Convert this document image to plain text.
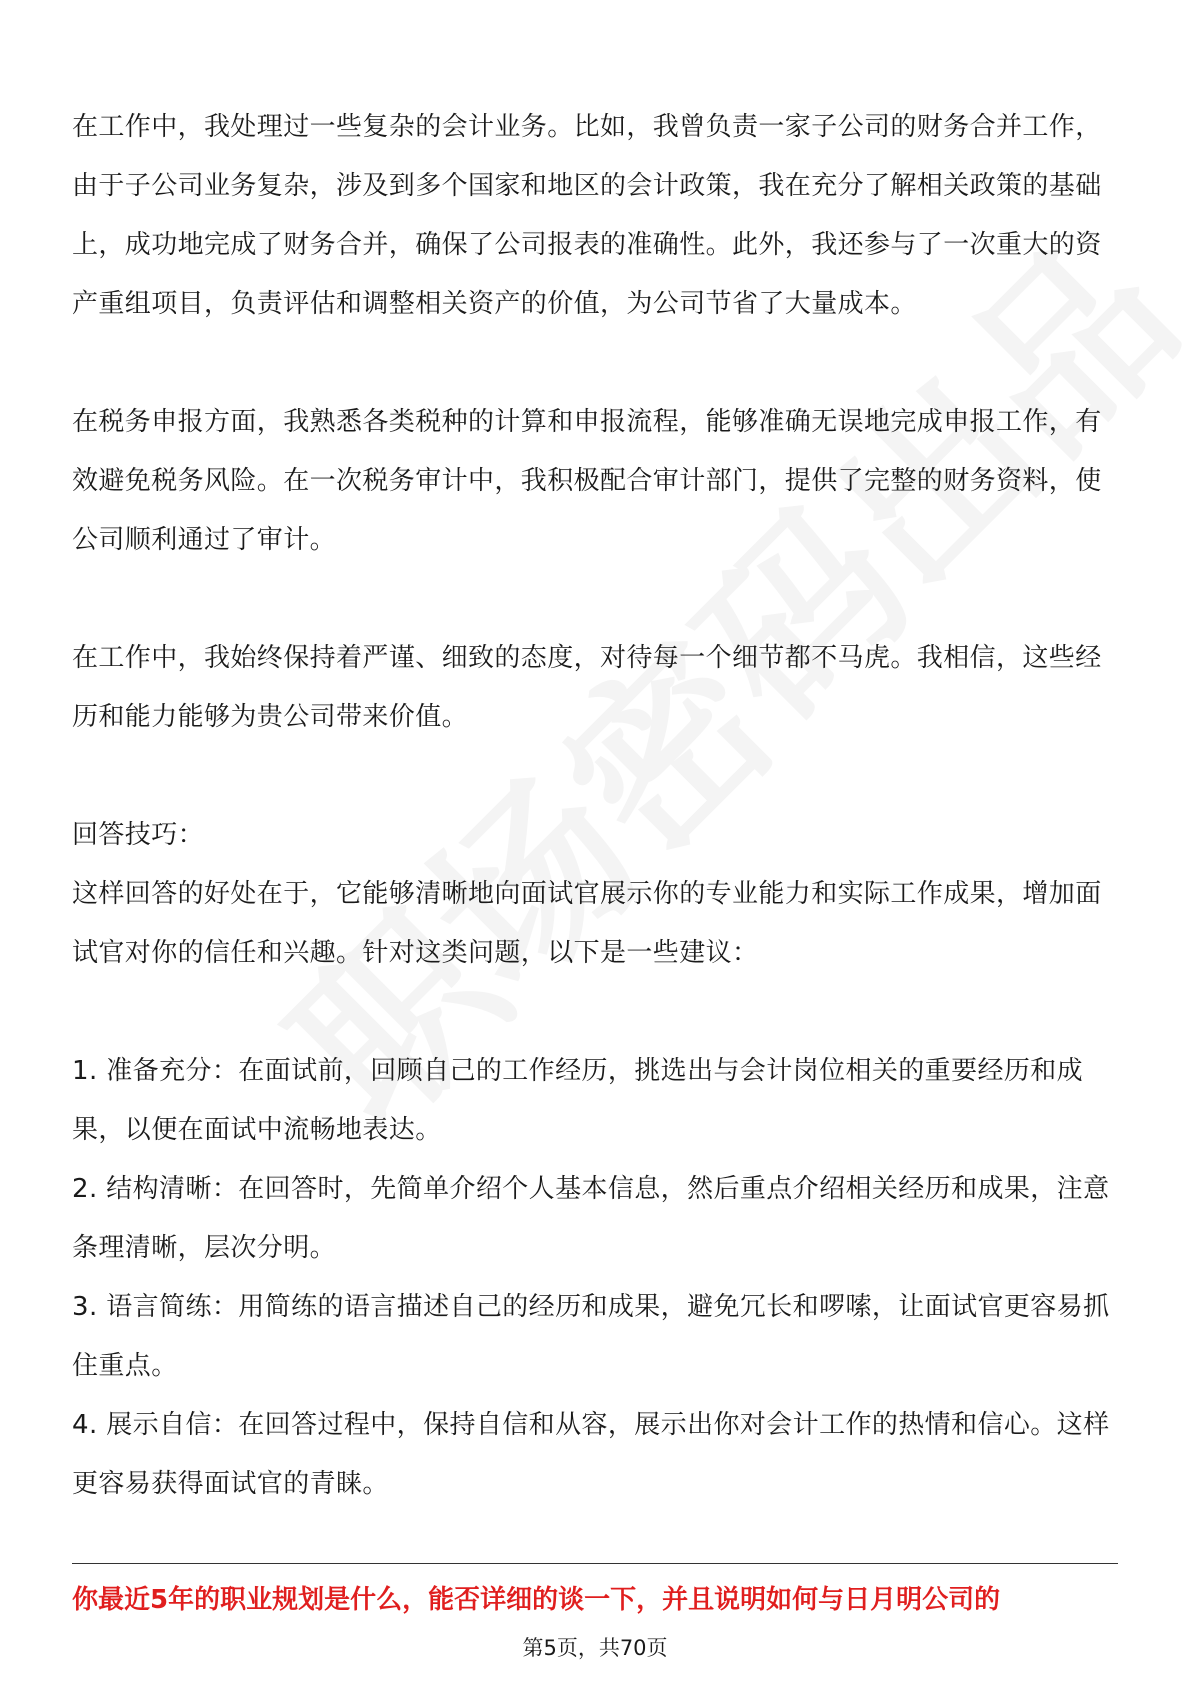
在工作中，我处理过一些复杂的会计业务。比如，我曾负责一家子公司的财务合并工作，由于子公司业务复杂，涉及到多个国家和地区的会计政策，我在充分了解相关政策的基础上，成功地完成了财务合并，确保了公司报表的准确性。此外，我还参与了一次重大的资产重组项目，负责评估和调整相关资产的价值，为公司节省了大量成本。

在税务申报方面，我熟悉各类税种的计算和申报流程，能够准确无误地完成申报工作，有效避免税务风险。在一次税务审计中，我积极配合审计部门，提供了完整的财务资料，使公司顺利通过了审计。

在工作中，我始终保持着严谨、细致的态度，对待每一个细节都不马虎。我相信，这些经历和能力能够为贵公司带来价值。

回答技巧：

这样回答的好处在于，它能够清晰地向面试官展示你的专业能力和实际工作成果，增加面试官对你的信任和兴趣。针对这类问题，以下是一些建议：

1. 准备充分：在面试前，回顾自己的工作经历，挑选出与会计岗位相关的重要经历和成果，以便在面试中流畅地表达。

2. 结构清晰：在回答时，先简单介绍个人基本信息，然后重点介绍相关经历和成果，注意条理清晰，层次分明。

3. 语言简练：用简练的语言描述自己的经历和成果，避免冗长和啰嗦，让面试官更容易抓住重点。

4. 展示自信：在回答过程中，保持自信和从容，展示出你对会计工作的热情和信心。这样更容易获得面试官的青睐。

你最近5年的职业规划是什么，能否详细的谈一下，并且说明如何与日月明公司的
第5页，共70页
